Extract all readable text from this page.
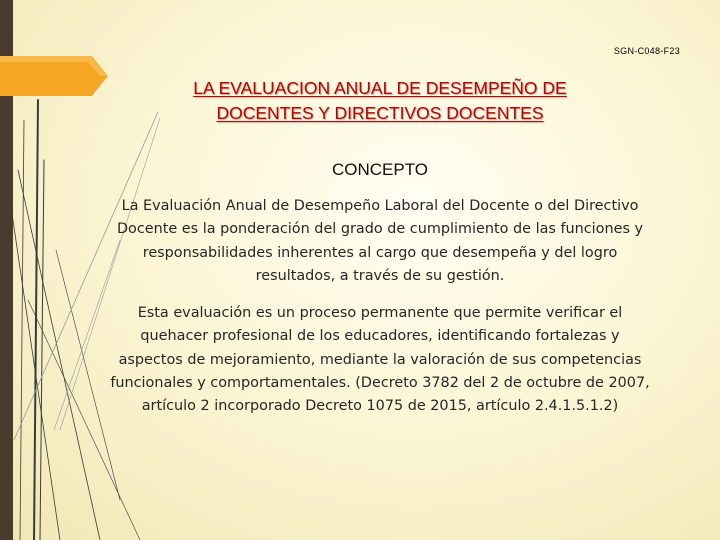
SGN-C048-F23
LA EVALUACION ANUAL DE DESEMPEÑO DE
DOCENTES Y DIRECTIVOS DOCENTES
CONCEPTO

La Evaluación Anual de Desempeño Laboral del Docente o del Directivo Docente es la ponderación del grado de cumplimiento de las funciones y responsabilidades inherentes al cargo que desempeña y del logro resultados, a través de su gestión.

Esta evaluación es un proceso permanente que permite verificar el quehacer profesional de los educadores, identificando fortalezas y aspectos de mejoramiento, mediante la valoración de sus competencias funcionales y comportamentales. (Decreto 3782 del 2 de octubre de 2007, artículo 2 incorporado Decreto 1075 de 2015, artículo 2.4.1.5.1.2)
